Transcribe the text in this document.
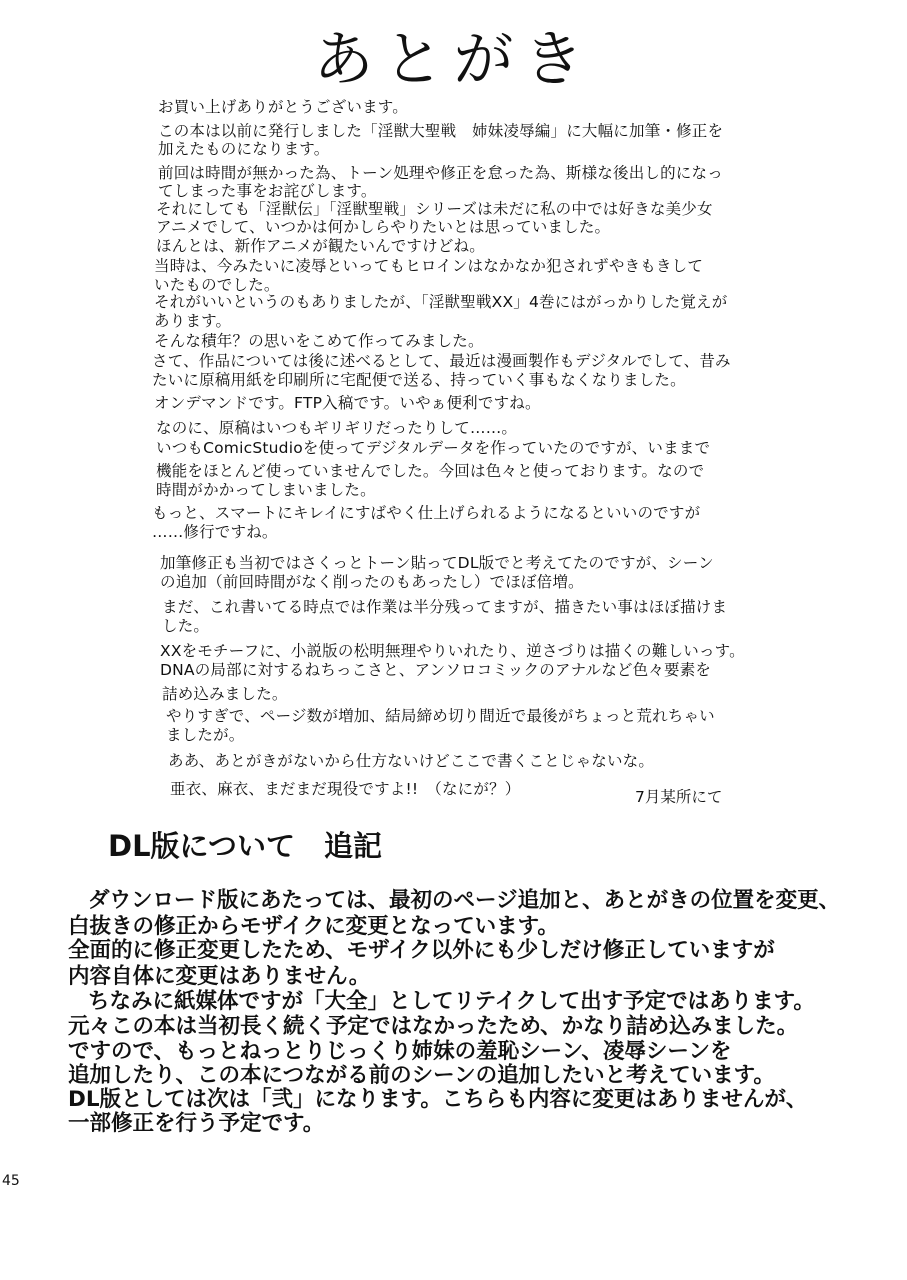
あとがき
お買い上げありがとうございます。
この本は以前に発行しました「淫獣大聖戦　姉妹凌辱編」に大幅に加筆・修正を
加えたものになります。
前回は時間が無かった為、トーン処理や修正を怠った為、斯様な後出し的になっ
てしまった事をお詫びします。
それにしても「淫獣伝」「淫獣聖戦」シリーズは未だに私の中では好きな美少女
アニメでして、いつかは何かしらやりたいとは思っていました。
ほんとは、新作アニメが観たいんですけどね。
当時は、今みたいに凌辱といってもヒロインはなかなか犯されずやきもきして
いたものでした。
それがいいというのもありましたが、「淫獣聖戦XX」4巻にはがっかりした覚えが
あります。
そんな積年？の思いをこめて作ってみました。
さて、作品については後に述べるとして、最近は漫画製作もデジタルでして、昔み
たいに原稿用紙を印刷所に宅配便で送る、持っていく事もなくなりました。
オンデマンドです。FTP入稿です。いやぁ便利ですね。
なのに、原稿はいつもギリギリだったりして……。
いつもComicStudioを使ってデジタルデータを作っていたのですが、いままで
機能をほとんど使っていませんでした。今回は色々と使っております。なので
時間がかかってしまいました。
もっと、スマートにキレイにすばやく仕上げられるようになるといいのですが
……修行ですね。
加筆修正も当初ではさくっとトーン貼ってDL版でと考えてたのですが、シーン
の追加（前回時間がなく削ったのもあったし）でほぼ倍増。
まだ、これ書いてる時点では作業は半分残ってますが、描きたい事はほぼ描けま
した。
XXをモチーフに、小説版の松明無理やりいれたり、逆さづりは描くの難しいっす。
DNAの局部に対するねちっこさと、アンソロコミックのアナルなど色々要素を
詰め込みました。
やりすぎで、ページ数が増加、結局締め切り間近で最後がちょっと荒れちゃい
ましたが。
ああ、あとがきがないから仕方ないけどここで書くことじゃないな。
亜衣、麻衣、まだまだ現役ですよ!!　（なにが？）	7月某所にて
DL版について　追記
ダウンロード版にあたっては、最初のページ追加と、あとがきの位置を変更、
白抜きの修正からモザイクに変更となっています。
全面的に修正変更したため、モザイク以外にも少しだけ修正していますが
内容自体に変更はありません。
ちなみに紙媒体ですが「大全」としてリテイクして出す予定ではあります。
元々この本は当初長く続く予定ではなかったため、かなり詰め込みました。
ですので、もっとねっとりじっくり姉妹の羞恥シーン、凌辱シーンを
追加したり、この本につながる前のシーンの追加したいと考えています。
DL版としては次は「弐」になります。こちらも内容に変更はありませんが、
一部修正を行う予定です。
45
